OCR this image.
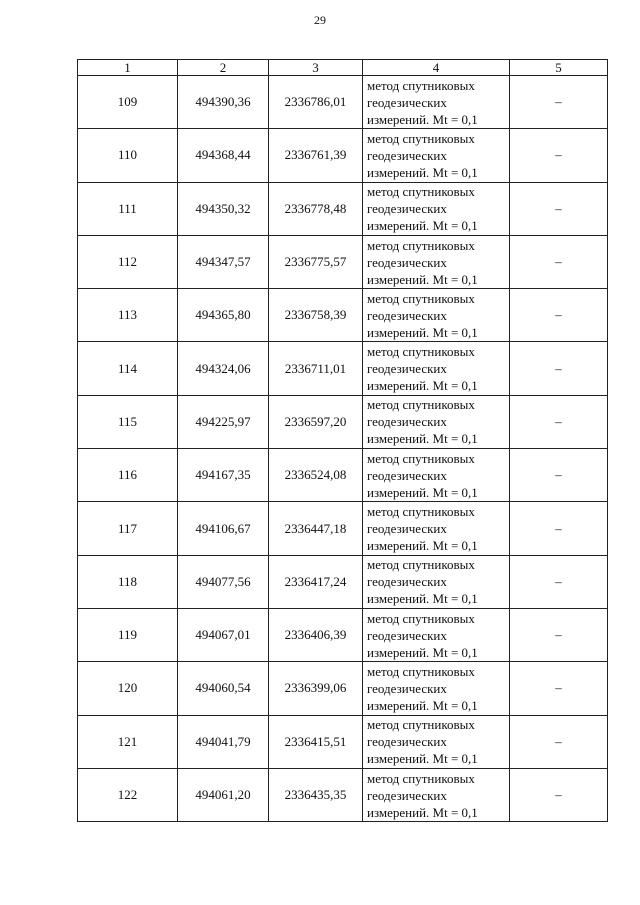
29
1	2	3	4	5
109	494390,36	2336786,01	метод спутниковых
геодезических
измерений. Mt = 0,1	–
110	494368,44	2336761,39	метод спутниковых
геодезических
измерений. Mt = 0,1	–
111	494350,32	2336778,48	метод спутниковых
геодезических
измерений. Mt = 0,1	–
112	494347,57	2336775,57	метод спутниковых
геодезических
измерений. Mt = 0,1	–
113	494365,80	2336758,39	метод спутниковых
геодезических
измерений. Mt = 0,1	–
114	494324,06	2336711,01	метод спутниковых
геодезических
измерений. Mt = 0,1	–
115	494225,97	2336597,20	метод спутниковых
геодезических
измерений. Mt = 0,1	–
116	494167,35	2336524,08	метод спутниковых
геодезических
измерений. Mt = 0,1	–
117	494106,67	2336447,18	метод спутниковых
геодезических
измерений. Mt = 0,1	–
118	494077,56	2336417,24	метод спутниковых
геодезических
измерений. Mt = 0,1	–
119	494067,01	2336406,39	метод спутниковых
геодезических
измерений. Mt = 0,1	–
120	494060,54	2336399,06	метод спутниковых
геодезических
измерений. Mt = 0,1	–
121	494041,79	2336415,51	метод спутниковых
геодезических
измерений. Mt = 0,1	–
122	494061,20	2336435,35	метод спутниковых
геодезических
измерений. Mt = 0,1	–
